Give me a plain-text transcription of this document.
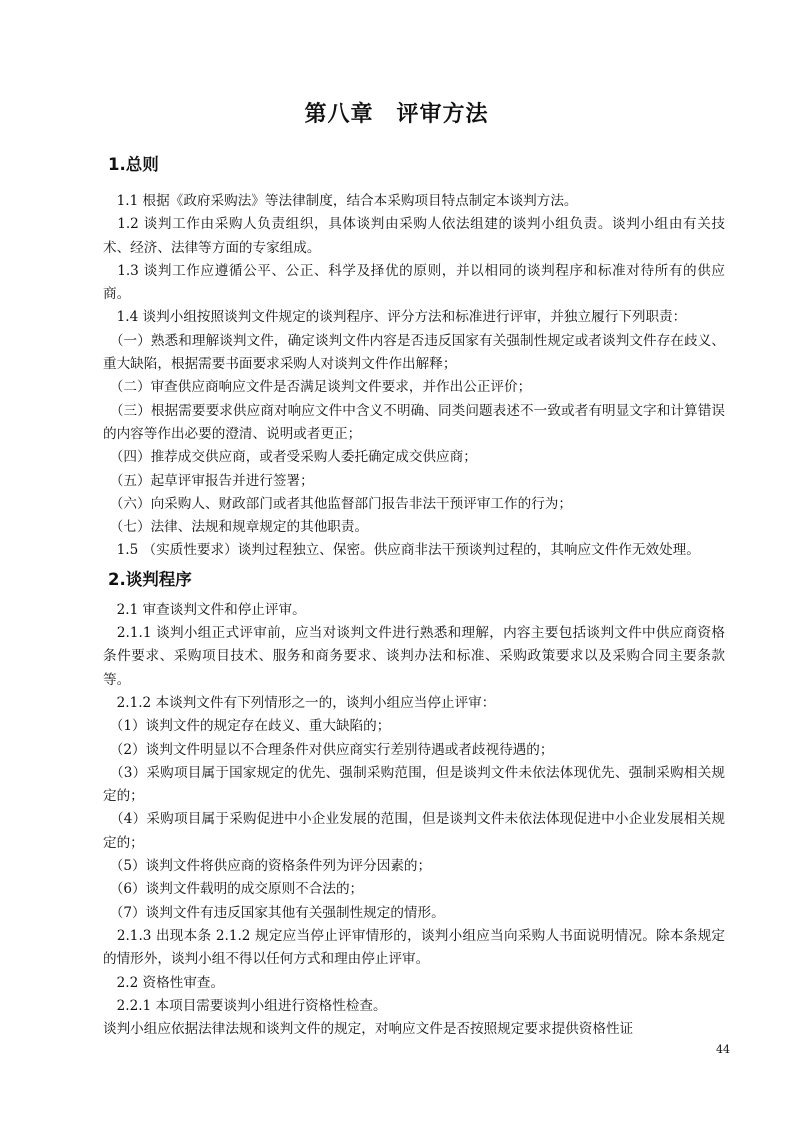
第八章　评审方法
1.总则

　1.1 根据《政府采购法》等法律制度，结合本采购项目特点制定本谈判方法。

　1.2 谈判工作由采购人负责组织，具体谈判由采购人依法组建的谈判小组负责。谈判小组由有关技术、经济、法律等方面的专家组成。

　1.3 谈判工作应遵循公平、公正、科学及择优的原则，并以相同的谈判程序和标准对待所有的供应商。

　1.4 谈判小组按照谈判文件规定的谈判程序、评分方法和标准进行评审，并独立履行下列职责：

　（一）熟悉和理解谈判文件，确定谈判文件内容是否违反国家有关强制性规定或者谈判文件存在歧义、重大缺陷，根据需要书面要求采购人对谈判文件作出解释；

　（二）审查供应商响应文件是否满足谈判文件要求，并作出公正评价；

　（三）根据需要要求供应商对响应文件中含义不明确、同类问题表述不一致或者有明显文字和计算错误的内容等作出必要的澄清、说明或者更正；

　（四）推荐成交供应商，或者受采购人委托确定成交供应商；

　（五）起草评审报告并进行签署；

　（六）向采购人、财政部门或者其他监督部门报告非法干预评审工作的行为；

　（七）法律、法规和规章规定的其他职责。

　1.5 （实质性要求）谈判过程独立、保密。供应商非法干预谈判过程的，其响应文件作无效处理。

2.谈判程序

　2.1 审查谈判文件和停止评审。

　2.1.1 谈判小组正式评审前，应当对谈判文件进行熟悉和理解，内容主要包括谈判文件中供应商资格条件要求、采购项目技术、服务和商务要求、谈判办法和标准、采购政策要求以及采购合同主要条款等。

　2.1.2 本谈判文件有下列情形之一的，谈判小组应当停止评审：

　（1）谈判文件的规定存在歧义、重大缺陷的；

　（2）谈判文件明显以不合理条件对供应商实行差别待遇或者歧视待遇的；

　（3）采购项目属于国家规定的优先、强制采购范围，但是谈判文件未依法体现优先、强制采购相关规定的；

　（4）采购项目属于采购促进中小企业发展的范围，但是谈判文件未依法体现促进中小企业发展相关规定的；

　（5）谈判文件将供应商的资格条件列为评分因素的；

　（6）谈判文件载明的成交原则不合法的；

　（7）谈判文件有违反国家其他有关强制性规定的情形。

　2.1.3 出现本条 2.1.2 规定应当停止评审情形的，谈判小组应当向采购人书面说明情况。除本条规定的情形外，谈判小组不得以任何方式和理由停止评审。

　2.2 资格性审查。

　2.2.1 本项目需要谈判小组进行资格性检查。

谈判小组应依据法律法规和谈判文件的规定，对响应文件是否按照规定要求提供资格性证

44
